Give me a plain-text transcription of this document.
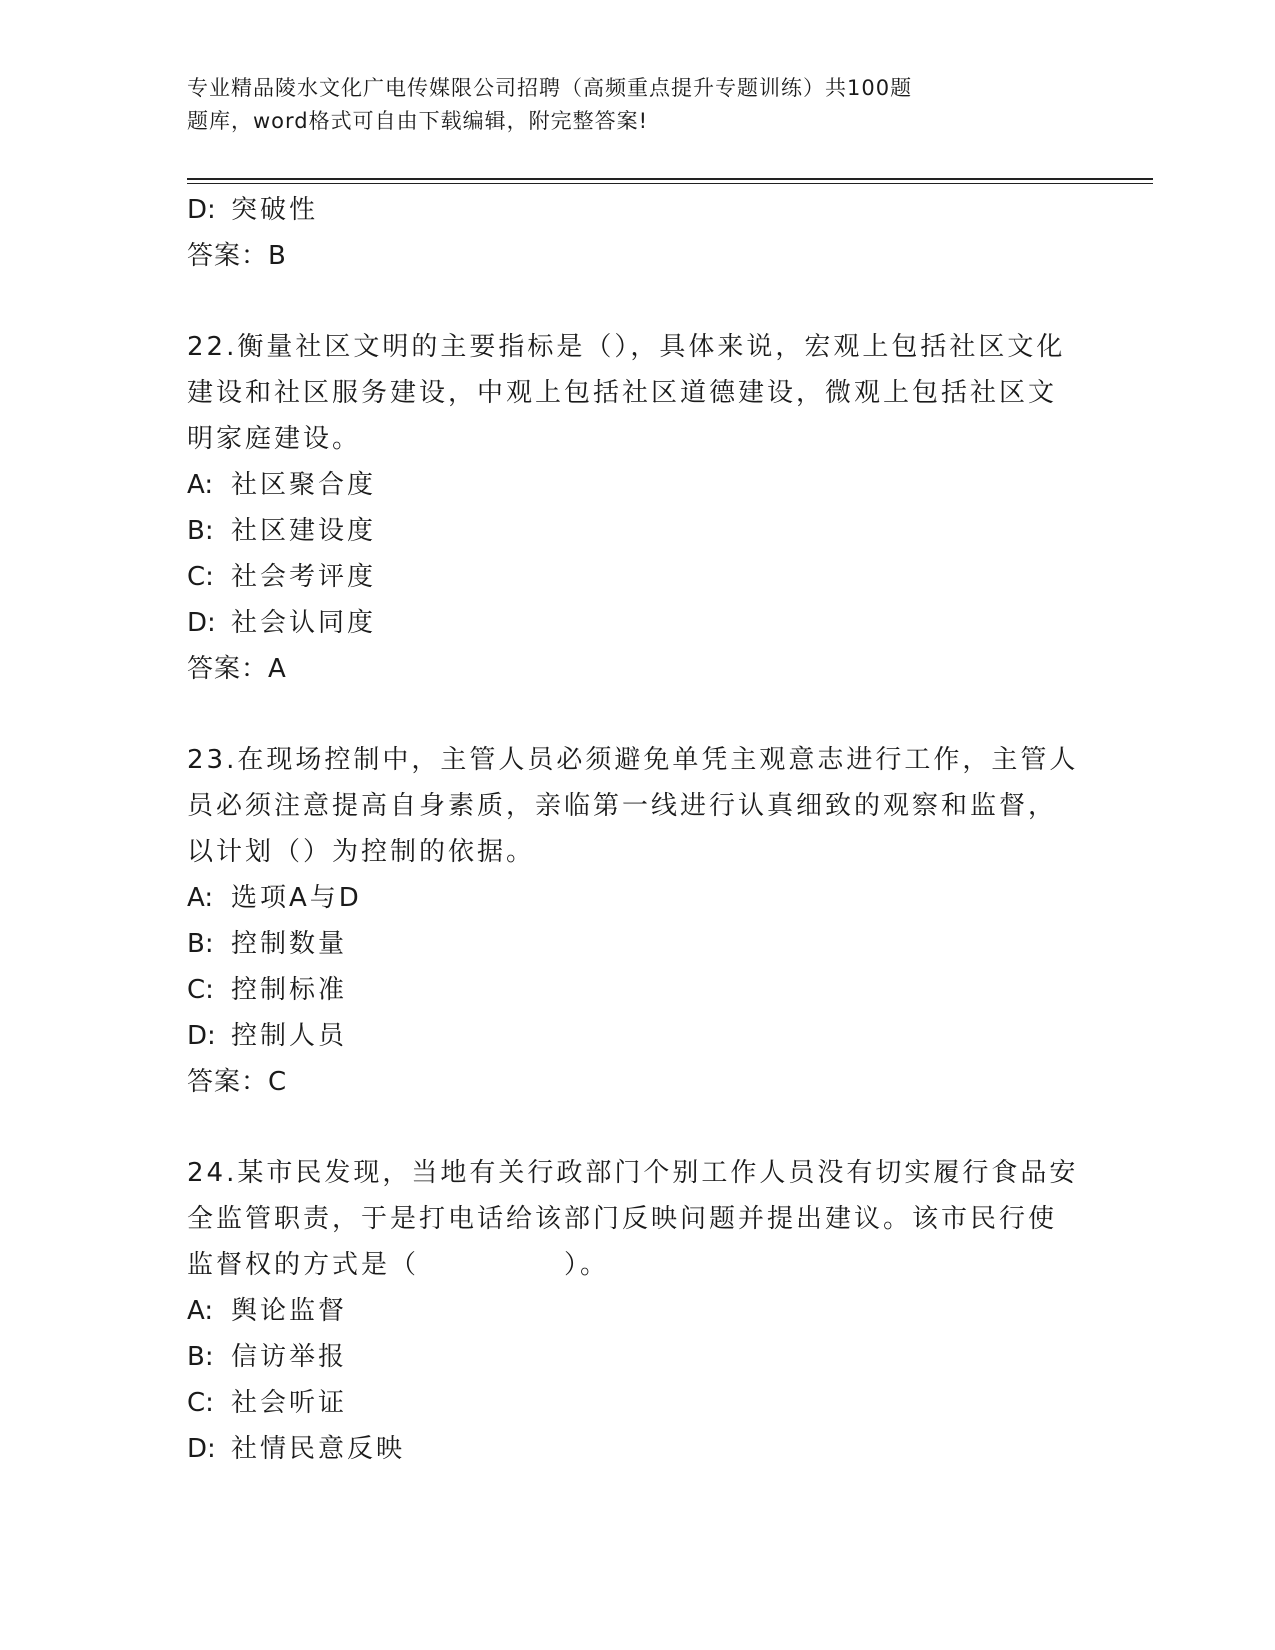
专业精品陵水文化广电传媒限公司招聘（高频重点提升专题训练）共100题
题库，word格式可自由下载编辑，附完整答案!
D: 突破性
答案：B
22.衡量社区文明的主要指标是（），具体来说，宏观上包括社区文化
建设和社区服务建设，中观上包括社区道德建设，微观上包括社区文
明家庭建设。
A: 社区聚合度
B: 社区建设度
C: 社会考评度
D: 社会认同度
答案：A
23.在现场控制中，主管人员必须避免单凭主观意志进行工作，主管人
员必须注意提高自身素质，亲临第一线进行认真细致的观察和监督，
以计划（）为控制的依据。
A: 选项A与D
B: 控制数量
C: 控制标准
D: 控制人员
答案：C
24.某市民发现，当地有关行政部门个别工作人员没有切实履行食品安
全监管职责，于是打电话给该部门反映问题并提出建议。该市民行使
监督权的方式是（　　　　　）。
A: 舆论监督
B: 信访举报
C: 社会听证
D: 社情民意反映
